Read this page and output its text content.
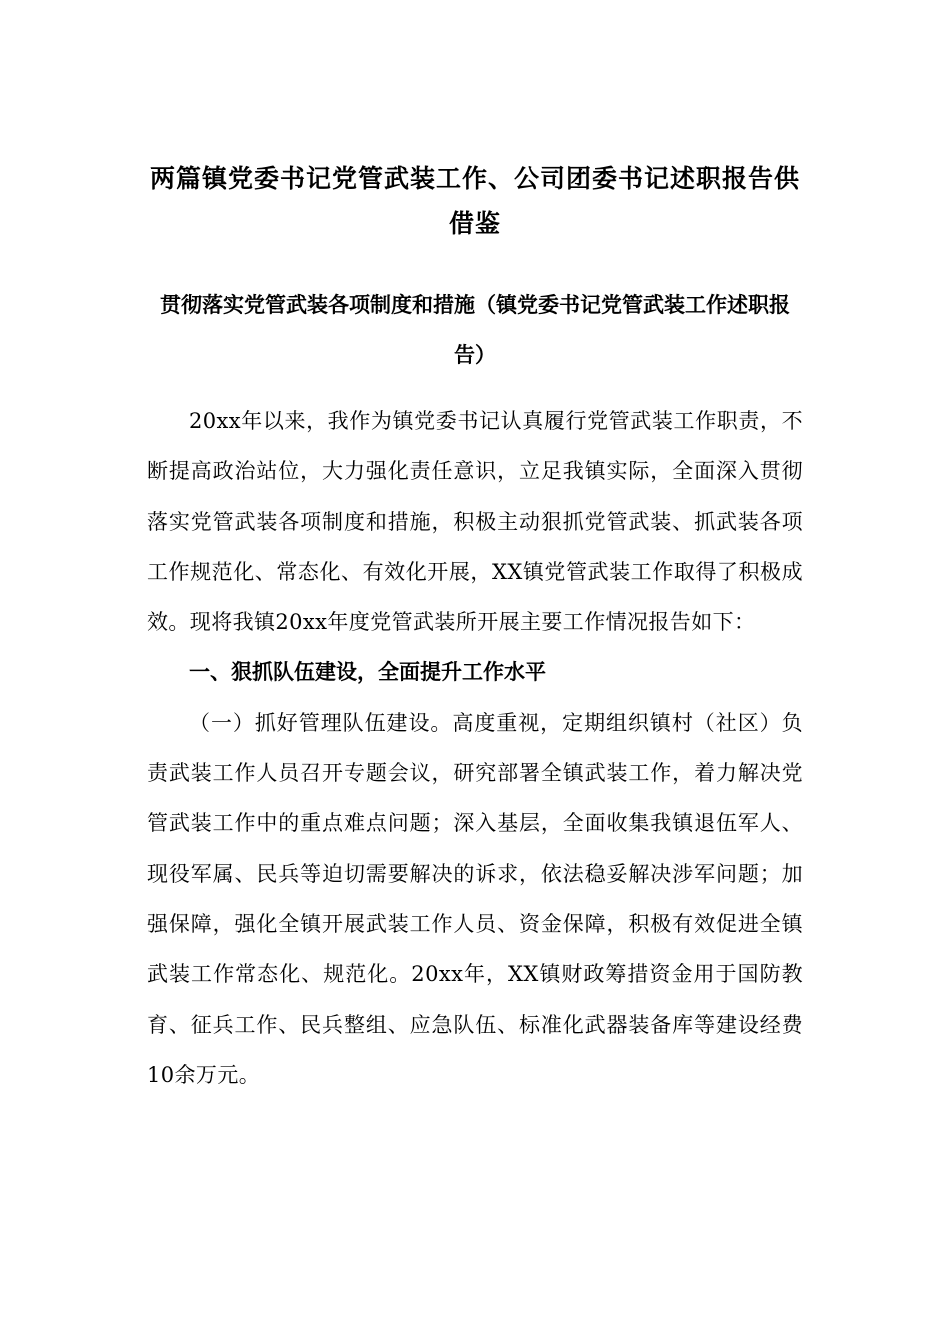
两篇镇党委书记党管武装工作、公司团委书记述职报告供借鉴
贯彻落实党管武装各项制度和措施（镇党委书记党管武装工作述职报告）

20xx年以来，我作为镇党委书记认真履行党管武装工作职责，不断提高政治站位，大力强化责任意识，立足我镇实际，全面深入贯彻落实党管武装各项制度和措施，积极主动狠抓党管武装、抓武装各项工作规范化、常态化、有效化开展，XX镇党管武装工作取得了积极成效。现将我镇20xx年度党管武装所开展主要工作情况报告如下：

一、狠抓队伍建设，全面提升工作水平

（一）抓好管理队伍建设。高度重视，定期组织镇村（社区）负责武装工作人员召开专题会议，研究部署全镇武装工作，着力解决党管武装工作中的重点难点问题；深入基层，全面收集我镇退伍军人、现役军属、民兵等迫切需要解决的诉求，依法稳妥解决涉军问题；加强保障，强化全镇开展武装工作人员、资金保障，积极有效促进全镇武装工作常态化、规范化。20xx年，XX镇财政筹措资金用于国防教育、征兵工作、民兵整组、应急队伍、标准化武器装备库等建设经费10余万元。
